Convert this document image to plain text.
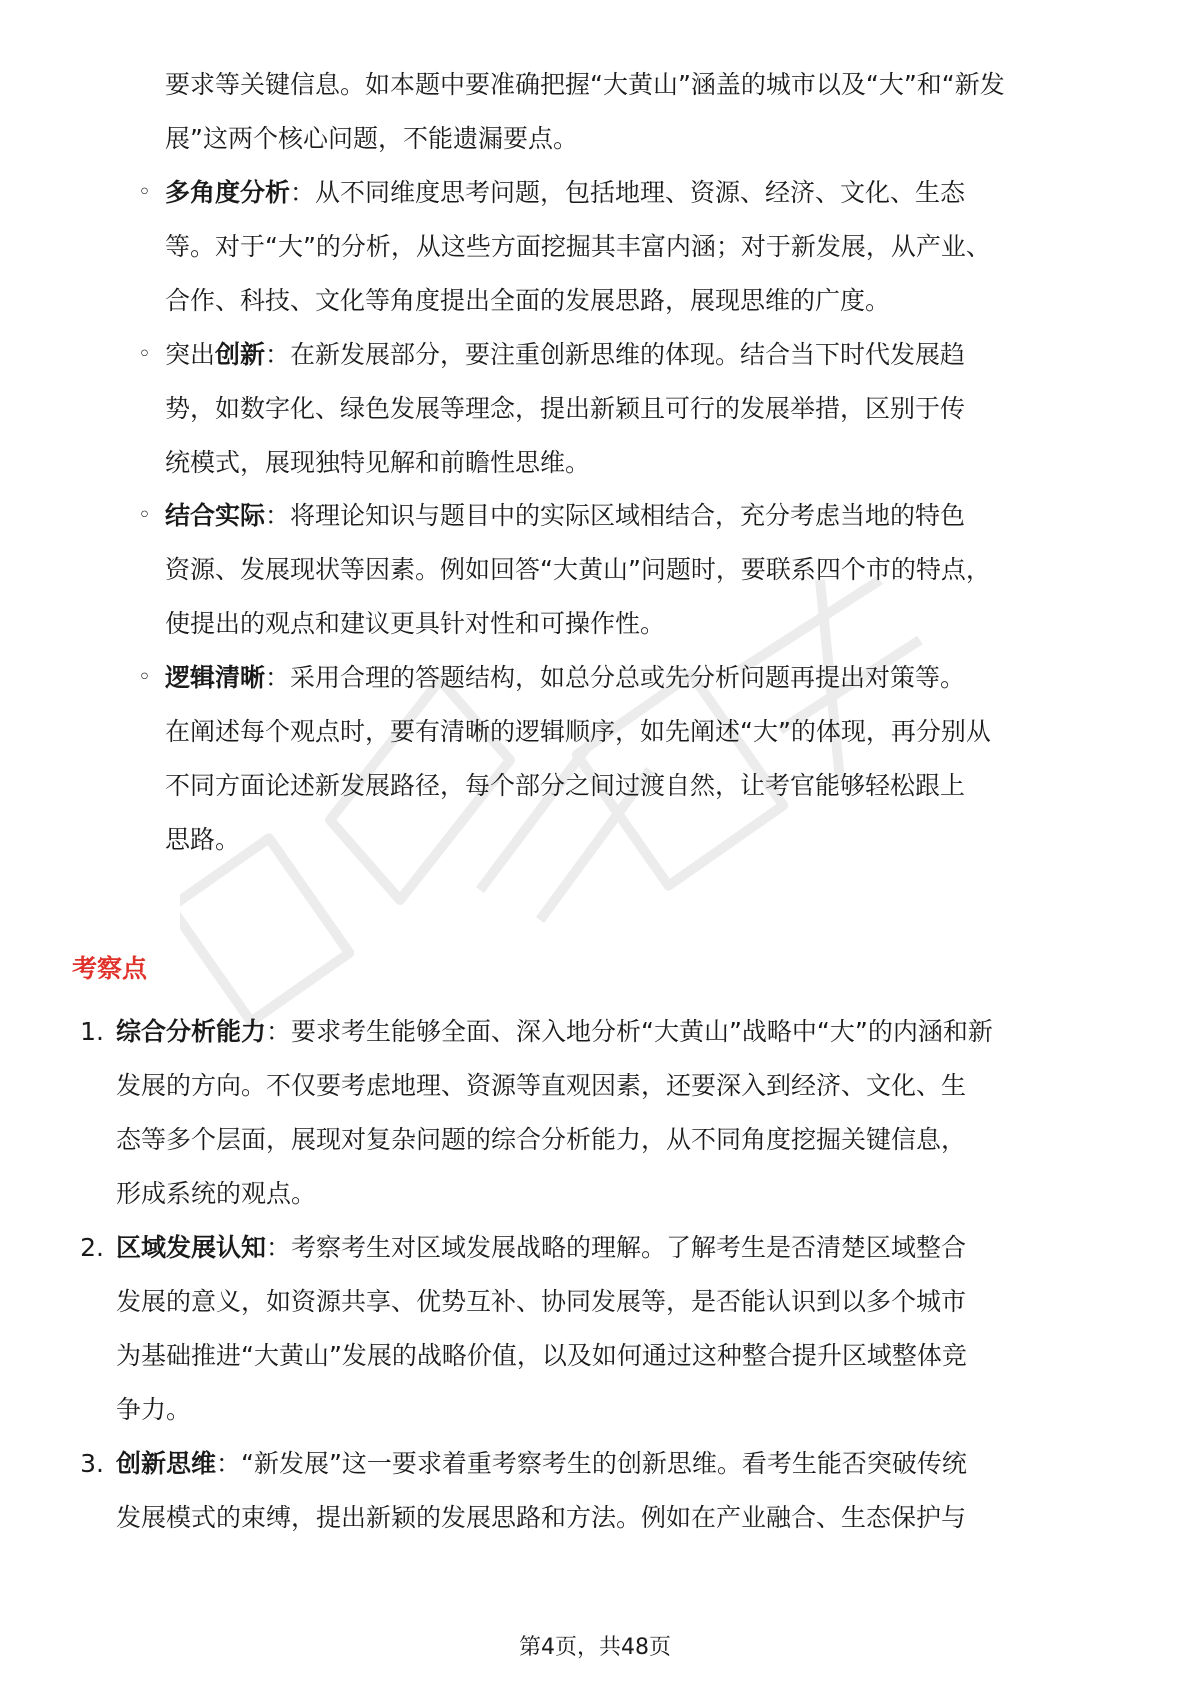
要求等关键信息。如本题中要准确把握“大黄山”涵盖的城市以及“大”和“新发
展”这两个核心问题，不能遗漏要点。
◦ 多角度分析：从不同维度思考问题，包括地理、资源、经济、文化、生态
等。对于“大”的分析，从这些方面挖掘其丰富内涵；对于新发展，从产业、
合作、科技、文化等角度提出全面的发展思路，展现思维的广度。
◦ 突出创新：在新发展部分，要注重创新思维的体现。结合当下时代发展趋
势，如数字化、绿色发展等理念，提出新颖且可行的发展举措，区别于传
统模式，展现独特见解和前瞻性思维。
◦ 结合实际：将理论知识与题目中的实际区域相结合，充分考虑当地的特色
资源、发展现状等因素。例如回答“大黄山”问题时，要联系四个市的特点，
使提出的观点和建议更具针对性和可操作性。
◦ 逻辑清晰：采用合理的答题结构，如总分总或先分析问题再提出对策等。
在阐述每个观点时，要有清晰的逻辑顺序，如先阐述“大”的体现，再分别从
不同方面论述新发展路径，每个部分之间过渡自然，让考官能够轻松跟上
思路。
考察点
1. 综合分析能力：要求考生能够全面、深入地分析“大黄山”战略中“大”的内涵和新
发展的方向。不仅要考虑地理、资源等直观因素，还要深入到经济、文化、生
态等多个层面，展现对复杂问题的综合分析能力，从不同角度挖掘关键信息，
形成系统的观点。
2. 区域发展认知：考察考生对区域发展战略的理解。了解考生是否清楚区域整合
发展的意义，如资源共享、优势互补、协同发展等，是否能认识到以多个城市
为基础推进“大黄山”发展的战略价值，以及如何通过这种整合提升区域整体竞
争力。
3. 创新思维：“新发展”这一要求着重考察考生的创新思维。看考生能否突破传统
发展模式的束缚，提出新颖的发展思路和方法。例如在产业融合、生态保护与
第4页，共48页
